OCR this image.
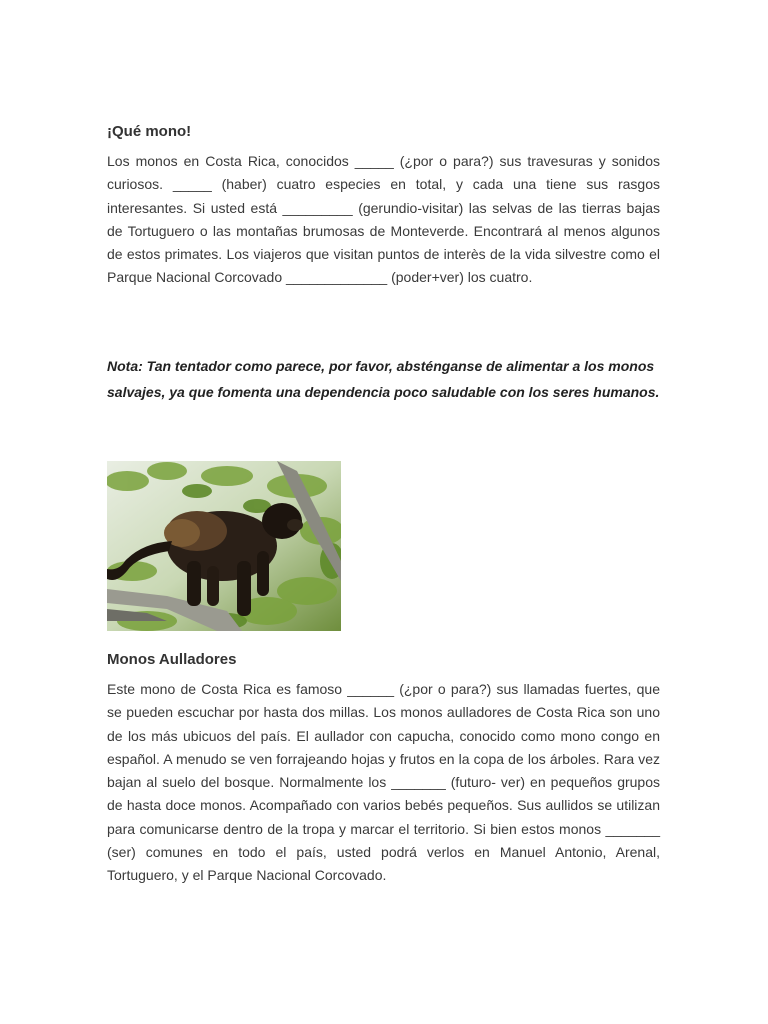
¡Qué mono!

Los monos en Costa Rica, conocidos _____ (¿por o para?) sus travesuras y sonidos curiosos. _____ (haber) cuatro especies en total, y cada una tiene sus rasgos interesantes. Si usted está _________ (gerundio-visitar) las selvas de las tierras bajas de Tortuguero o las montañas brumosas de Monteverde. Encontrará al menos algunos de estos primates. Los viajeros que visitan puntos de interès de la vida silvestre como el Parque Nacional Corcovado _____________ (poder+ver) los cuatro.

Nota: Tan tentador como parece, por favor, absténganse de alimentar a los monos salvajes, ya que fomenta una dependencia poco saludable con los seres humanos.

Monos Aulladores

Este mono de Costa Rica es famoso ______ (¿por o para?) sus llamadas fuertes, que se pueden escuchar por hasta dos millas. Los monos aulladores de Costa Rica son uno de los más ubicuos del país. El aullador con capucha, conocido como mono congo en español. A menudo se ven forrajeando hojas y frutos en la copa de los árboles. Rara vez bajan al suelo del bosque. Normalmente los _______ (futuro- ver) en pequeños grupos de hasta doce monos. Acompañado con varios bebés pequeños. Sus aullidos se utilizan para comunicarse dentro de la tropa y marcar el territorio. Si bien estos monos _______ (ser) comunes en todo el país, usted podrá verlos en Manuel Antonio, Arenal, Tortuguero, y el Parque Nacional Corcovado.
